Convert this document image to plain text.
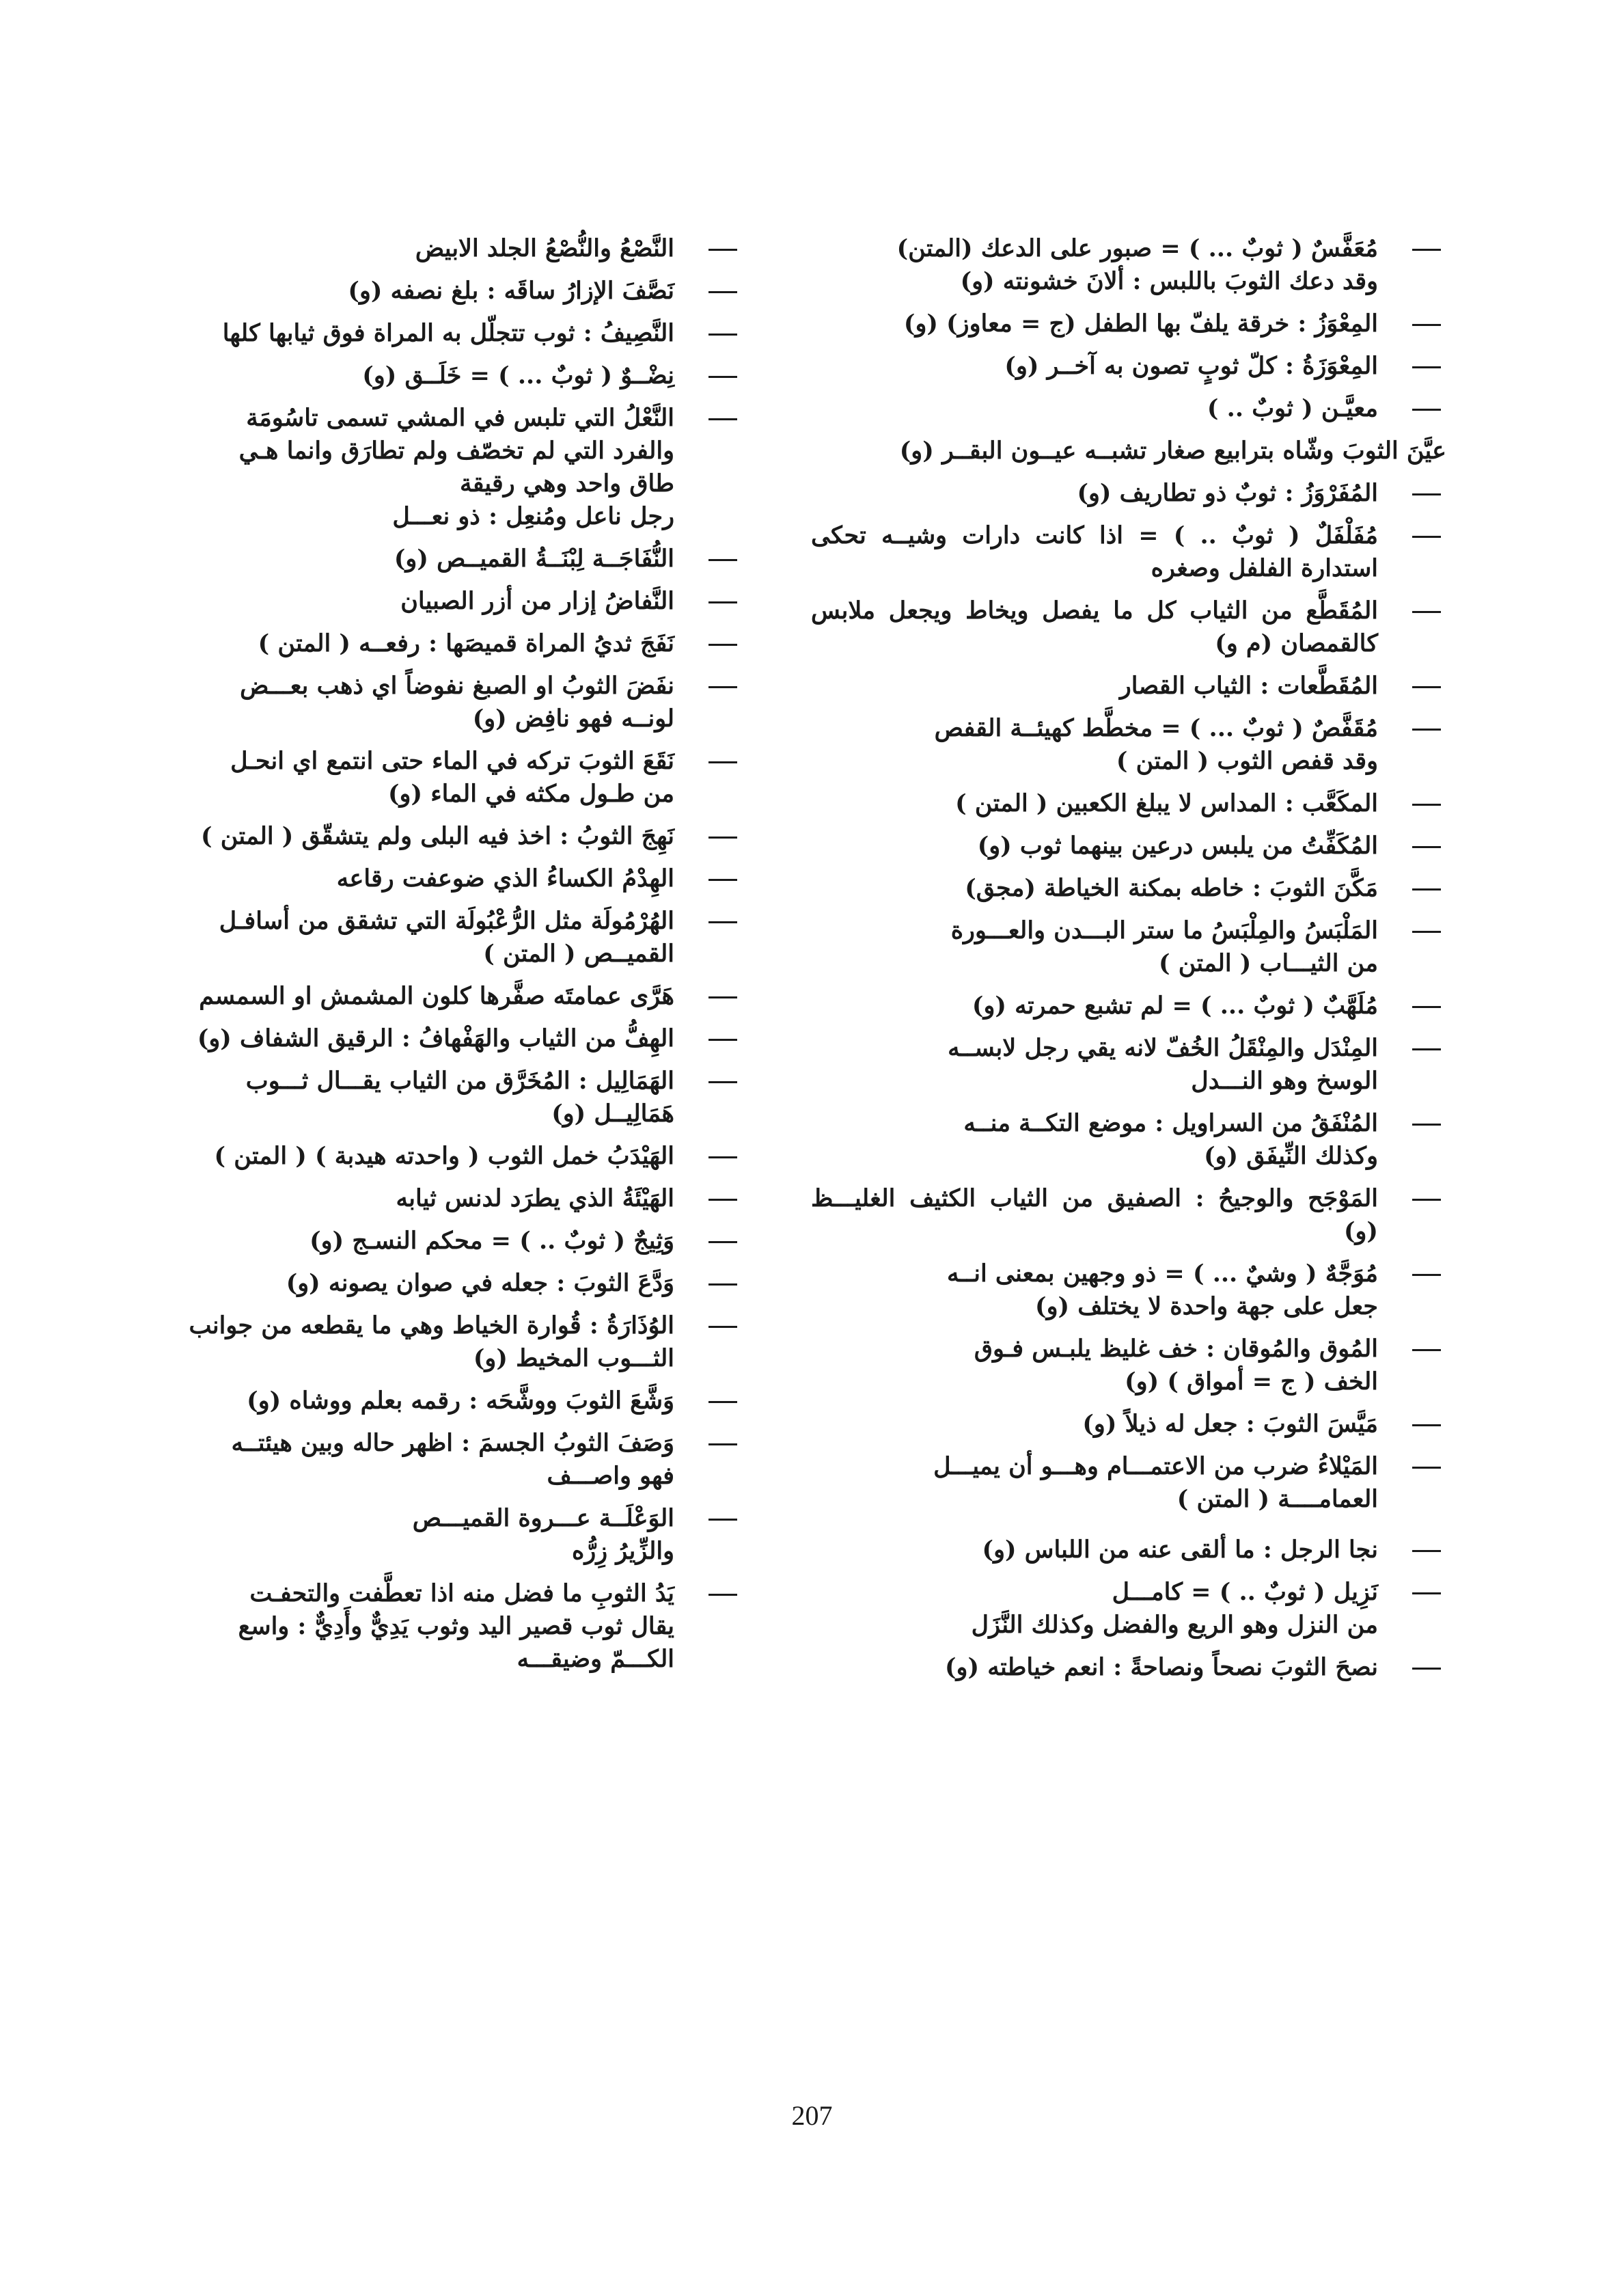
مُعَفَّسٌ ( ثوبٌ ... ) = صبور على الدعك (المتن)
وقد دعك الثوبَ باللبس : ألانَ خشونته (و)
المِعْوَزُ : خرقة يلفّ بها الطفل (ج = معاوز) (و)
المِعْوَزَةُ : كلّ ثوبٍ تصون به آخــر (و)
معيَّـن ( ثوبٌ .. )
عيَّنَ الثوبَ وشّاه بترابيع صغار تشبــه عيــون البقــر (و)
المُفَرْوَزُ : ثوبٌ ذو تطاريف (و)
مُفَلْفَلٌ ( ثوبٌ .. ) = اذا كانت دارات وشيــه تحكى استدارة الفلفل وصغره
المُقَطَّع من الثياب كل ما يفصل ويخاط ويجعل ملابس كالقمصان (م و)
المُقَطَّعات : الثياب القصار
مُقَفَّصٌ ( ثوبٌ ... ) = مخطَّط كهيئــة القفص
وقد قفص الثوب ( المتن )
المكَعَّب : المداس لا يبلغ الكعبين ( المتن )
المُكَفِّتُ من يلبس درعين بينهما ثوب (و)
مَكَّنَ الثوبَ : خاطه بمكنة الخياطة (مجق)
المَلْبَسُ والمِلْبَسُ ما ستر البـــدن والعـــورة
من الثيـــاب ( المتن )
مُلَهَّبٌ ( ثوبٌ ... ) = لم تشبع حمرته (و)
المِنْدَل والمِنْقَلُ الخُفّ لانه يقي رجل لابســه
الوسخ وهو النـــدل
المُنْفَقُ من السراويل : موضع التكــة منــه
وكذلك النِّيفَق (و)
المَوْجَح والوجيحُ : الصفيق من الثياب الكثيف الغليـــظ (و)
مُوَجَّهٌ ( وشيٌ ... ) = ذو وجهين بمعنى انــه
جعل على جهة واحدة لا يختلف (و)
المُوق والمُوقان : خف غليظ يلبـس فـوق
الخف ( ج = أمواق ) (و)
مَيَّسَ الثوبَ : جعل له ذيلاً (و)
المَيْلاءُ ضرب من الاعتمـــام وهـــو أن يميـــل
العمامــــة ( المتن )
نجا الرجل : ما ألقى عنه من اللباس (و)
نَزِيل ( ثوبٌ .. ) = كامـــل
من النزل وهو الريع والفضل وكذلك النَّزَل
نصحَ الثوبَ نصحاً ونصاحةً : انعم خياطته (و)
النَّصْعُ والنُّصْعُ الجلد الابيض
نَصَّفَ الإزارُ ساقَه : بلغ نصفه (و)
النَّصِيفُ : ثوب تتجلّل به المراة فوق ثيابها كلها
نِضْــوٌ ( ثوبٌ ... ) = خَلَــق (و)
النَّعْلُ التي تلبس في المشي تسمى تاسُومَة
والفرد التي لم تخصّف ولم تطارَق وانما هـي
طاق واحد وهي رقيقة
رجل ناعل ومُنعِل : ذو نعـــل
النُّفَاجَــة لِبْنَــةُ القميــص (و)
النَّفاضُ إزار من أزر الصبيان
نَفَجَ ثديُ المراة قميصَها : رفعــه ( المتن )
نفَضَ الثوبُ او الصبغ نفوضاً اي ذهب بعـــض
لونــه فهو نافِض (و)
نَقَعَ الثوبَ تركه في الماء حتى انتمع اي انحـل
من طـول مكثه في الماء (و)
نَهِجَ الثوبُ : اخذ فيه البلى ولم يتشقّق ( المتن )
الهِدْمُ الكساءُ الذي ضوعفت رقاعه
الهُرْمُولَة مثل الرُّعْبُولَة التي تشقق من أسافـل
القميــص ( المتن )
هَرَّى عمامتَه صفَّرها كلون المشمش او السمسم
الهِفُّ من الثياب والهَفْهافُ : الرقيق الشفاف (و)
الهَمَالِيل : المُخَرَّق من الثياب يقـــال ثـــوب
هَمَالِيــل (و)
الهَيْدَبُ خمل الثوب ( واحدته هيدبة ) ( المتن )
الهَيْئَةُ الذي يطرَد لدنس ثيابه
وَثِيجٌ ( ثوبٌ .. ) = محكم النسـج (و)
وَدَّعَ الثوبَ : جعله في صوان يصونه (و)
الوُذَارَةُ : قُوارة الخياط وهي ما يقطعه من جوانب
الثـــوب المخيط (و)
وَشَّعَ الثوبَ ووشَّحَه : رقمه بعلم ووشاه (و)
وَصَفَ الثوبُ الجسمَ : اظهر حاله وبين هيئتــه
فهو واصـــف
الوَعْلَــة عـــروة القميـــص
والزِّيرُ زِرُّه
يَدُ الثوبِ ما فضل منه اذا تعطَّفت والتحفـت
يقال ثوب قصير اليد وثوب يَدِيٌّ وأَدِيٌّ : واسع
الكـــمّ وضيقـــه
207
